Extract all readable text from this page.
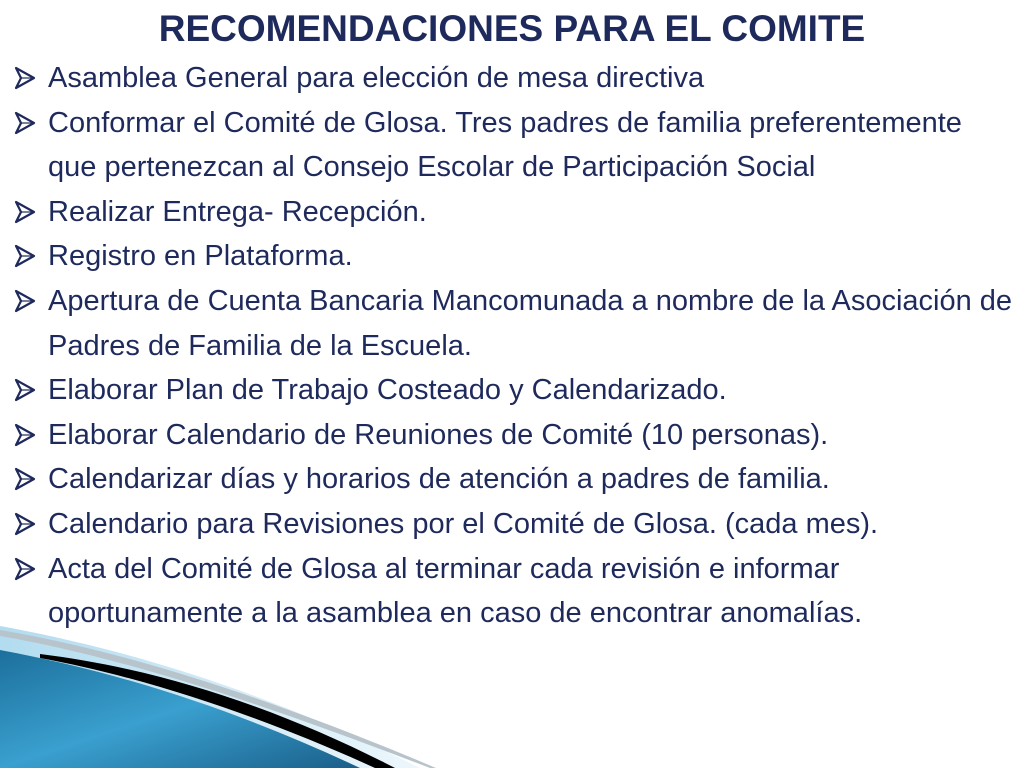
RECOMENDACIONES PARA EL COMITE
Asamblea General para elección de mesa directiva
Conformar el Comité de Glosa. Tres padres de familia preferentemente que pertenezcan al Consejo Escolar de Participación Social
Realizar Entrega- Recepción.
Registro en Plataforma.
Apertura de Cuenta Bancaria Mancomunada a nombre de la Asociación de Padres de Familia de la Escuela.
Elaborar Plan de Trabajo Costeado y Calendarizado.
Elaborar Calendario de Reuniones de Comité (10 personas).
Calendarizar días y horarios de atención a padres de familia.
Calendario para Revisiones por el Comité de Glosa. (cada mes).
Acta del Comité de Glosa al terminar cada revisión e informar oportunamente a la asamblea en caso de encontrar anomalías.
